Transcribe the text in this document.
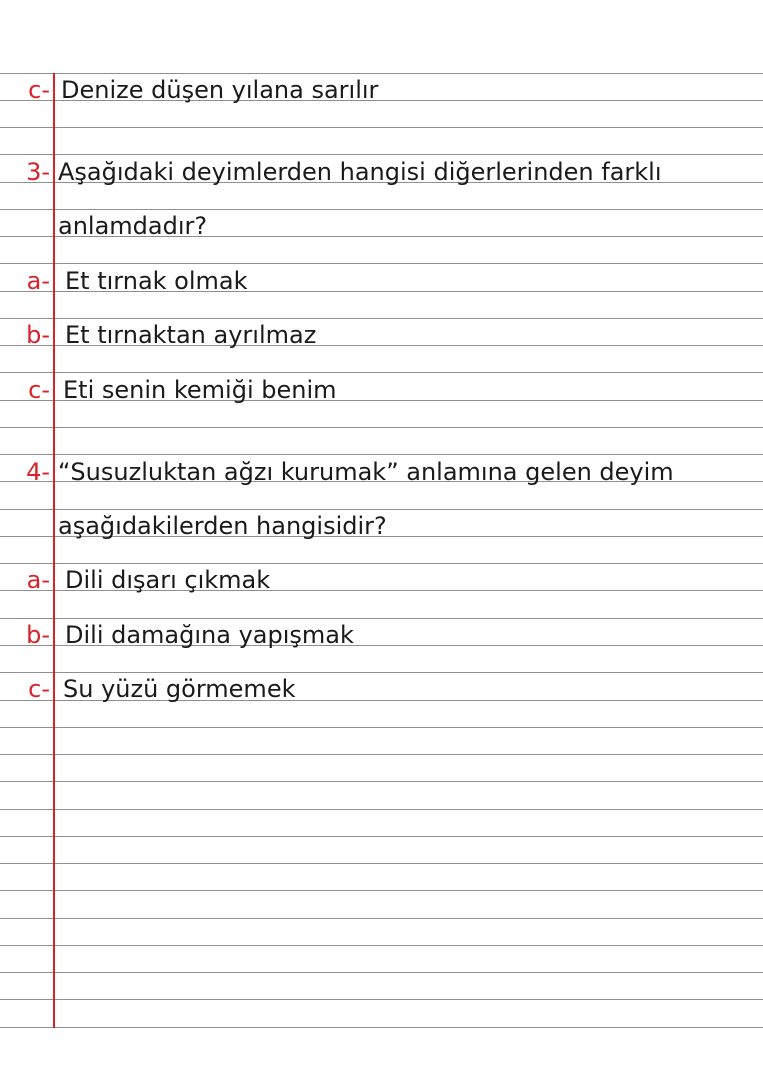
c- Denize düşen yılana sarılır
3- Aşağıdaki deyimlerden hangisi diğerlerinden farklı
anlamdadır?
a- Et tırnak olmak
b- Et tırnaktan ayrılmaz
c- Eti senin kemiği benim
4- “Susuzluktan ağzı kurumak” anlamına gelen deyim
aşağıdakilerden hangisidir?
a- Dili dışarı çıkmak
b- Dili damağına yapışmak
c- Su yüzü görmemek
